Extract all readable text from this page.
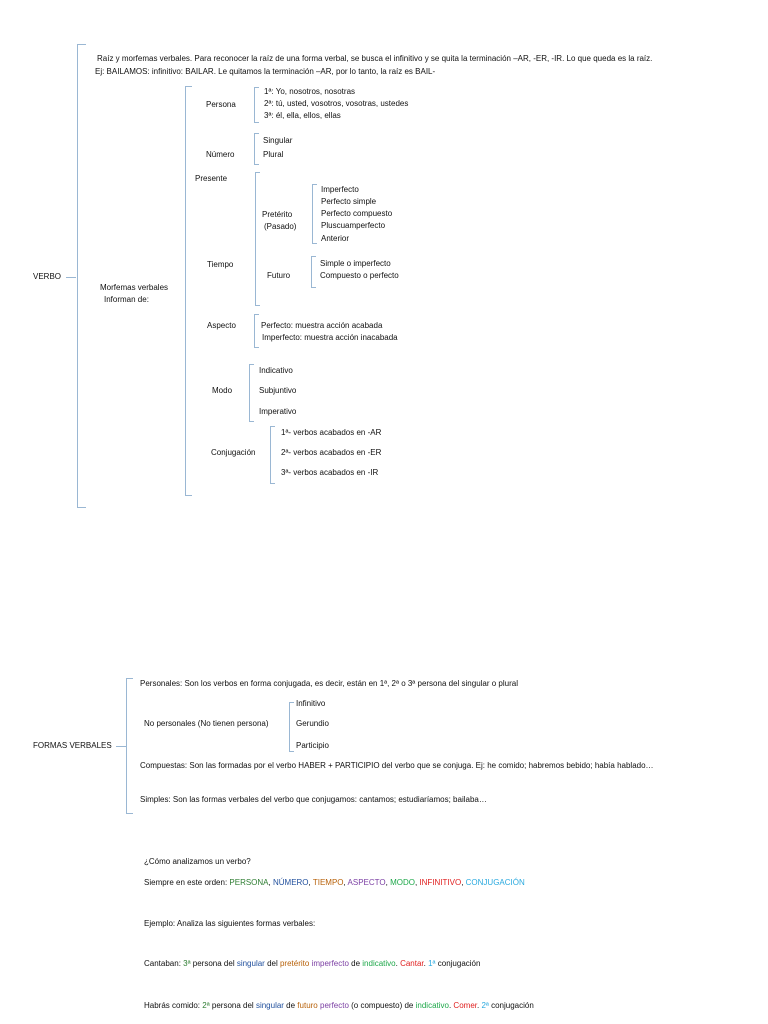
VERBO
Raíz y morfemas verbales. Para reconocer la raíz de una forma verbal, se busca el infinitivo y se quita la terminación –AR, -ER, -IR. Lo que queda es la raíz.
Ej: BAILAMOS: infinitivo: BAILAR. Le quitamos la terminación –AR, por lo tanto, la raíz es BAIL-
Morfemas verbales
Informan de:
Persona
1ª: Yo, nosotros, nosotras
2ª: tú, usted, vosotros, vosotras, ustedes
3ª: él, ella, ellos, ellas
Número
Singular
Plural
Presente
Tiempo
Pretérito
(Pasado)
Imperfecto
Perfecto simple
Perfecto compuesto
Pluscuamperfecto
Anterior
Futuro
Simple o imperfecto
Compuesto o perfecto
Aspecto	Perfecto: muestra acción acabada
Imperfecto: muestra acción inacabada
Modo
Indicativo
Subjuntivo
Imperativo
Conjugación
1ª- verbos acabados en -AR
2ª- verbos acabados en -ER
3ª- verbos acabados en -IR
FORMAS VERBALES
Personales: Son los verbos en forma conjugada, es decir, están en 1ª, 2ª o 3ª persona del singular o plural
No personales (No tienen persona)
Infinitivo
Gerundio
Participio
Compuestas: Son las formadas por el verbo HABER + PARTICIPIO del verbo que se conjuga. Ej: he comido; habremos bebido; había hablado…
Simples: Son las formas verbales del verbo que conjugamos: cantamos; estudiaríamos; bailaba…
¿Cómo analizamos un verbo?
Siempre en este orden: PERSONA, NÚMERO, TIEMPO, ASPECTO, MODO, INFINITIVO, CONJUGACIÓN
Ejemplo: Analiza las siguientes formas verbales:
Cantaban: 3ª persona del singular del pretérito imperfecto de indicativo. Cantar. 1ª conjugación
Habrás comido: 2ª persona del singular de futuro perfecto (o compuesto) de indicativo. Comer. 2ª conjugación
